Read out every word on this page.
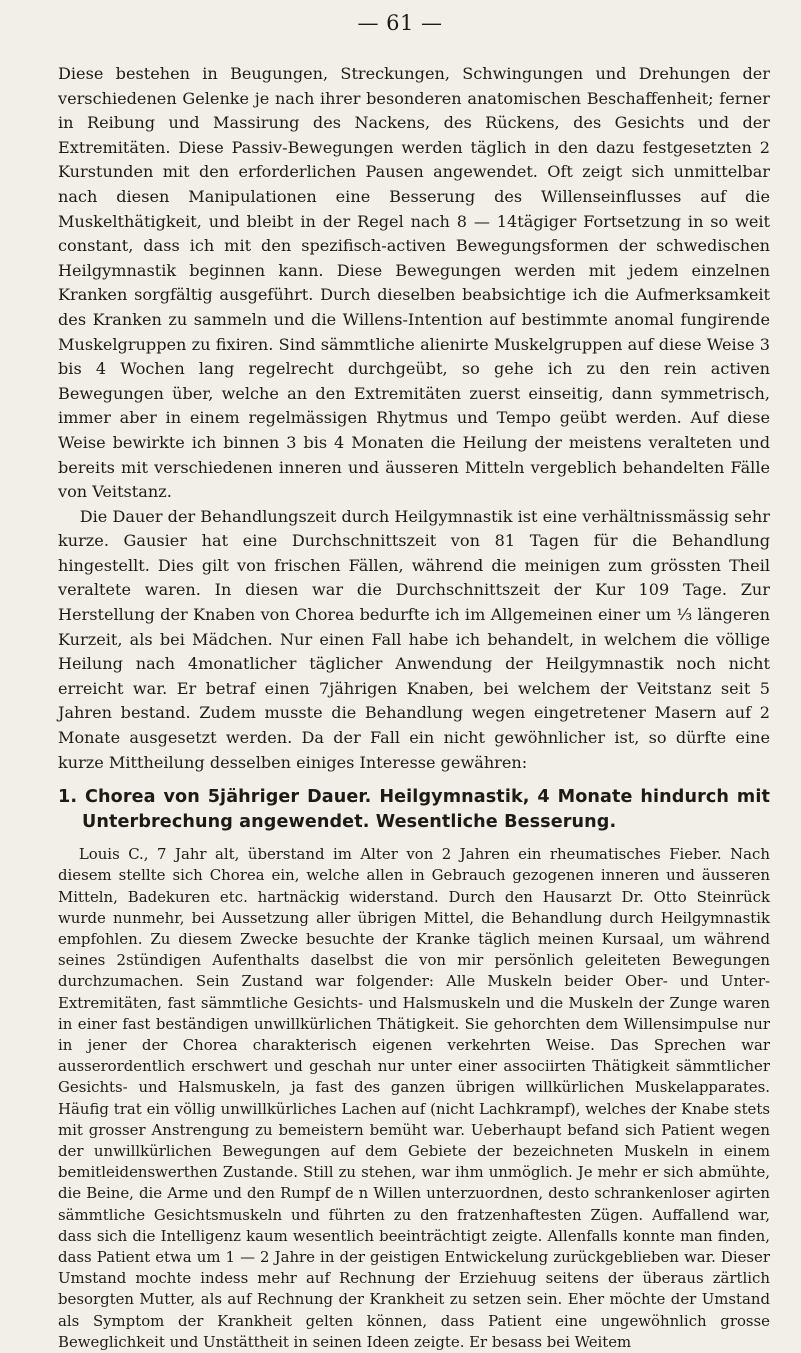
— 61 —

Diese bestehen in Beugungen, Streckungen, Schwingungen und Drehungen der verschiedenen Gelenke je nach ihrer besonderen anatomischen Beschaffenheit; ferner in Reibung und Massirung des Nackens, des Rückens, des Gesichts und der Extremitäten. Diese Passiv-Bewegungen werden täglich in den dazu festgesetzten 2 Kurstunden mit den erforderlichen Pausen angewendet. Oft zeigt sich unmittelbar nach diesen Manipulationen eine Besserung des Willenseinflusses auf die Muskelthätigkeit, und bleibt in der Regel nach 8 — 14tägiger Fortsetzung in so weit constant, dass ich mit den spezifisch-activen Bewegungsformen der schwedischen Heilgymnastik beginnen kann. Diese Bewegungen werden mit jedem einzelnen Kranken sorgfältig ausgeführt. Durch dieselben beabsichtige ich die Aufmerksamkeit des Kranken zu sammeln und die Willens-Intention auf bestimmte anomal fungirende Muskelgruppen zu fixiren. Sind sämmtliche alienirte Muskelgruppen auf diese Weise 3 bis 4 Wochen lang regelrecht durchgeübt, so gehe ich zu den rein activen Bewegungen über, welche an den Extremitäten zuerst einseitig, dann symmetrisch, immer aber in einem regelmässigen Rhytmus und Tempo geübt werden. Auf diese Weise bewirkte ich binnen 3 bis 4 Monaten die Heilung der meistens veralteten und bereits mit verschiedenen inneren und äusseren Mitteln vergeblich behandelten Fälle von Veitstanz.

Die Dauer der Behandlungszeit durch Heilgymnastik ist eine verhältnissmässig sehr kurze. Gausier hat eine Durchschnittszeit von 81 Tagen für die Behandlung hingestellt. Dies gilt von frischen Fällen, während die meinigen zum grössten Theil veraltete waren. In diesen war die Durchschnittszeit der Kur 109 Tage. Zur Herstellung der Knaben von Chorea bedurfte ich im Allgemeinen einer um ⅓ längeren Kurzeit, als bei Mädchen. Nur einen Fall habe ich behandelt, in welchem die völlige Heilung nach 4monatlicher täglicher Anwendung der Heilgymnastik noch nicht erreicht war. Er betraf einen 7jährigen Knaben, bei welchem der Veitstanz seit 5 Jahren bestand. Zudem musste die Behandlung wegen eingetretener Masern auf 2 Monate ausgesetzt werden. Da der Fall ein nicht gewöhnlicher ist, so dürfte eine kurze Mittheilung desselben einiges Interesse gewähren:

1. Chorea von 5jähriger Dauer. Heilgymnastik, 4 Monate hindurch mit Unterbrechung angewendet. Wesentliche Besserung.

Louis C., 7 Jahr alt, überstand im Alter von 2 Jahren ein rheumatisches Fieber. Nach diesem stellte sich Chorea ein, welche allen in Gebrauch gezogenen inneren und äusseren Mitteln, Badekuren etc. hartnäckig widerstand. Durch den Hausarzt Dr. Otto Steinrück wurde nunmehr, bei Aussetzung aller übrigen Mittel, die Behandlung durch Heilgymnastik empfohlen. Zu diesem Zwecke besuchte der Kranke täglich meinen Kursaal, um während seines 2stündigen Aufenthalts daselbst die von mir persönlich geleiteten Bewegungen durchzumachen. Sein Zustand war folgender: Alle Muskeln beider Ober- und Unter-Extremitäten, fast sämmtliche Gesichts- und Halsmuskeln und die Muskeln der Zunge waren in einer fast beständigen unwillkürlichen Thätigkeit. Sie gehorchten dem Willensimpulse nur in jener der Chorea charakterisch eigenen verkehrten Weise. Das Sprechen war ausserordentlich erschwert und geschah nur unter einer associirten Thätigkeit sämmtlicher Gesichts- und Halsmuskeln, ja fast des ganzen übrigen willkürlichen Muskelapparates. Häufig trat ein völlig unwillkürliches Lachen auf (nicht Lachkrampf), welches der Knabe stets mit grosser Anstrengung zu bemeistern bemüht war. Ueberhaupt befand sich Patient wegen der unwillkürlichen Bewegungen auf dem Gebiete der bezeichneten Muskeln in einem bemitleidenswerthen Zustande. Still zu stehen, war ihm unmöglich. Je mehr er sich abmühte, die Beine, die Arme und den Rumpf de n Willen unterzuordnen, desto schrankenloser agirten sämmtliche Gesichtsmuskeln und führten zu den fratzenhaftesten Zügen. Auffallend war, dass sich die Intelligenz kaum wesentlich beeinträchtigt zeigte. Allenfalls konnte man finden, dass Patient etwa um 1 — 2 Jahre in der geistigen Entwickelung zurückgeblieben war. Dieser Umstand mochte indess mehr auf Rechnung der Erziehuug seitens der überaus zärtlich besorgten Mutter, als auf Rechnung der Krankheit zu setzen sein. Eher möchte der Umstand als Symptom der Krankheit gelten können, dass Patient eine ungewöhnlich grosse Beweglichkeit und Unstättheit in seinen Ideen zeigte. Er besass bei Weitem
